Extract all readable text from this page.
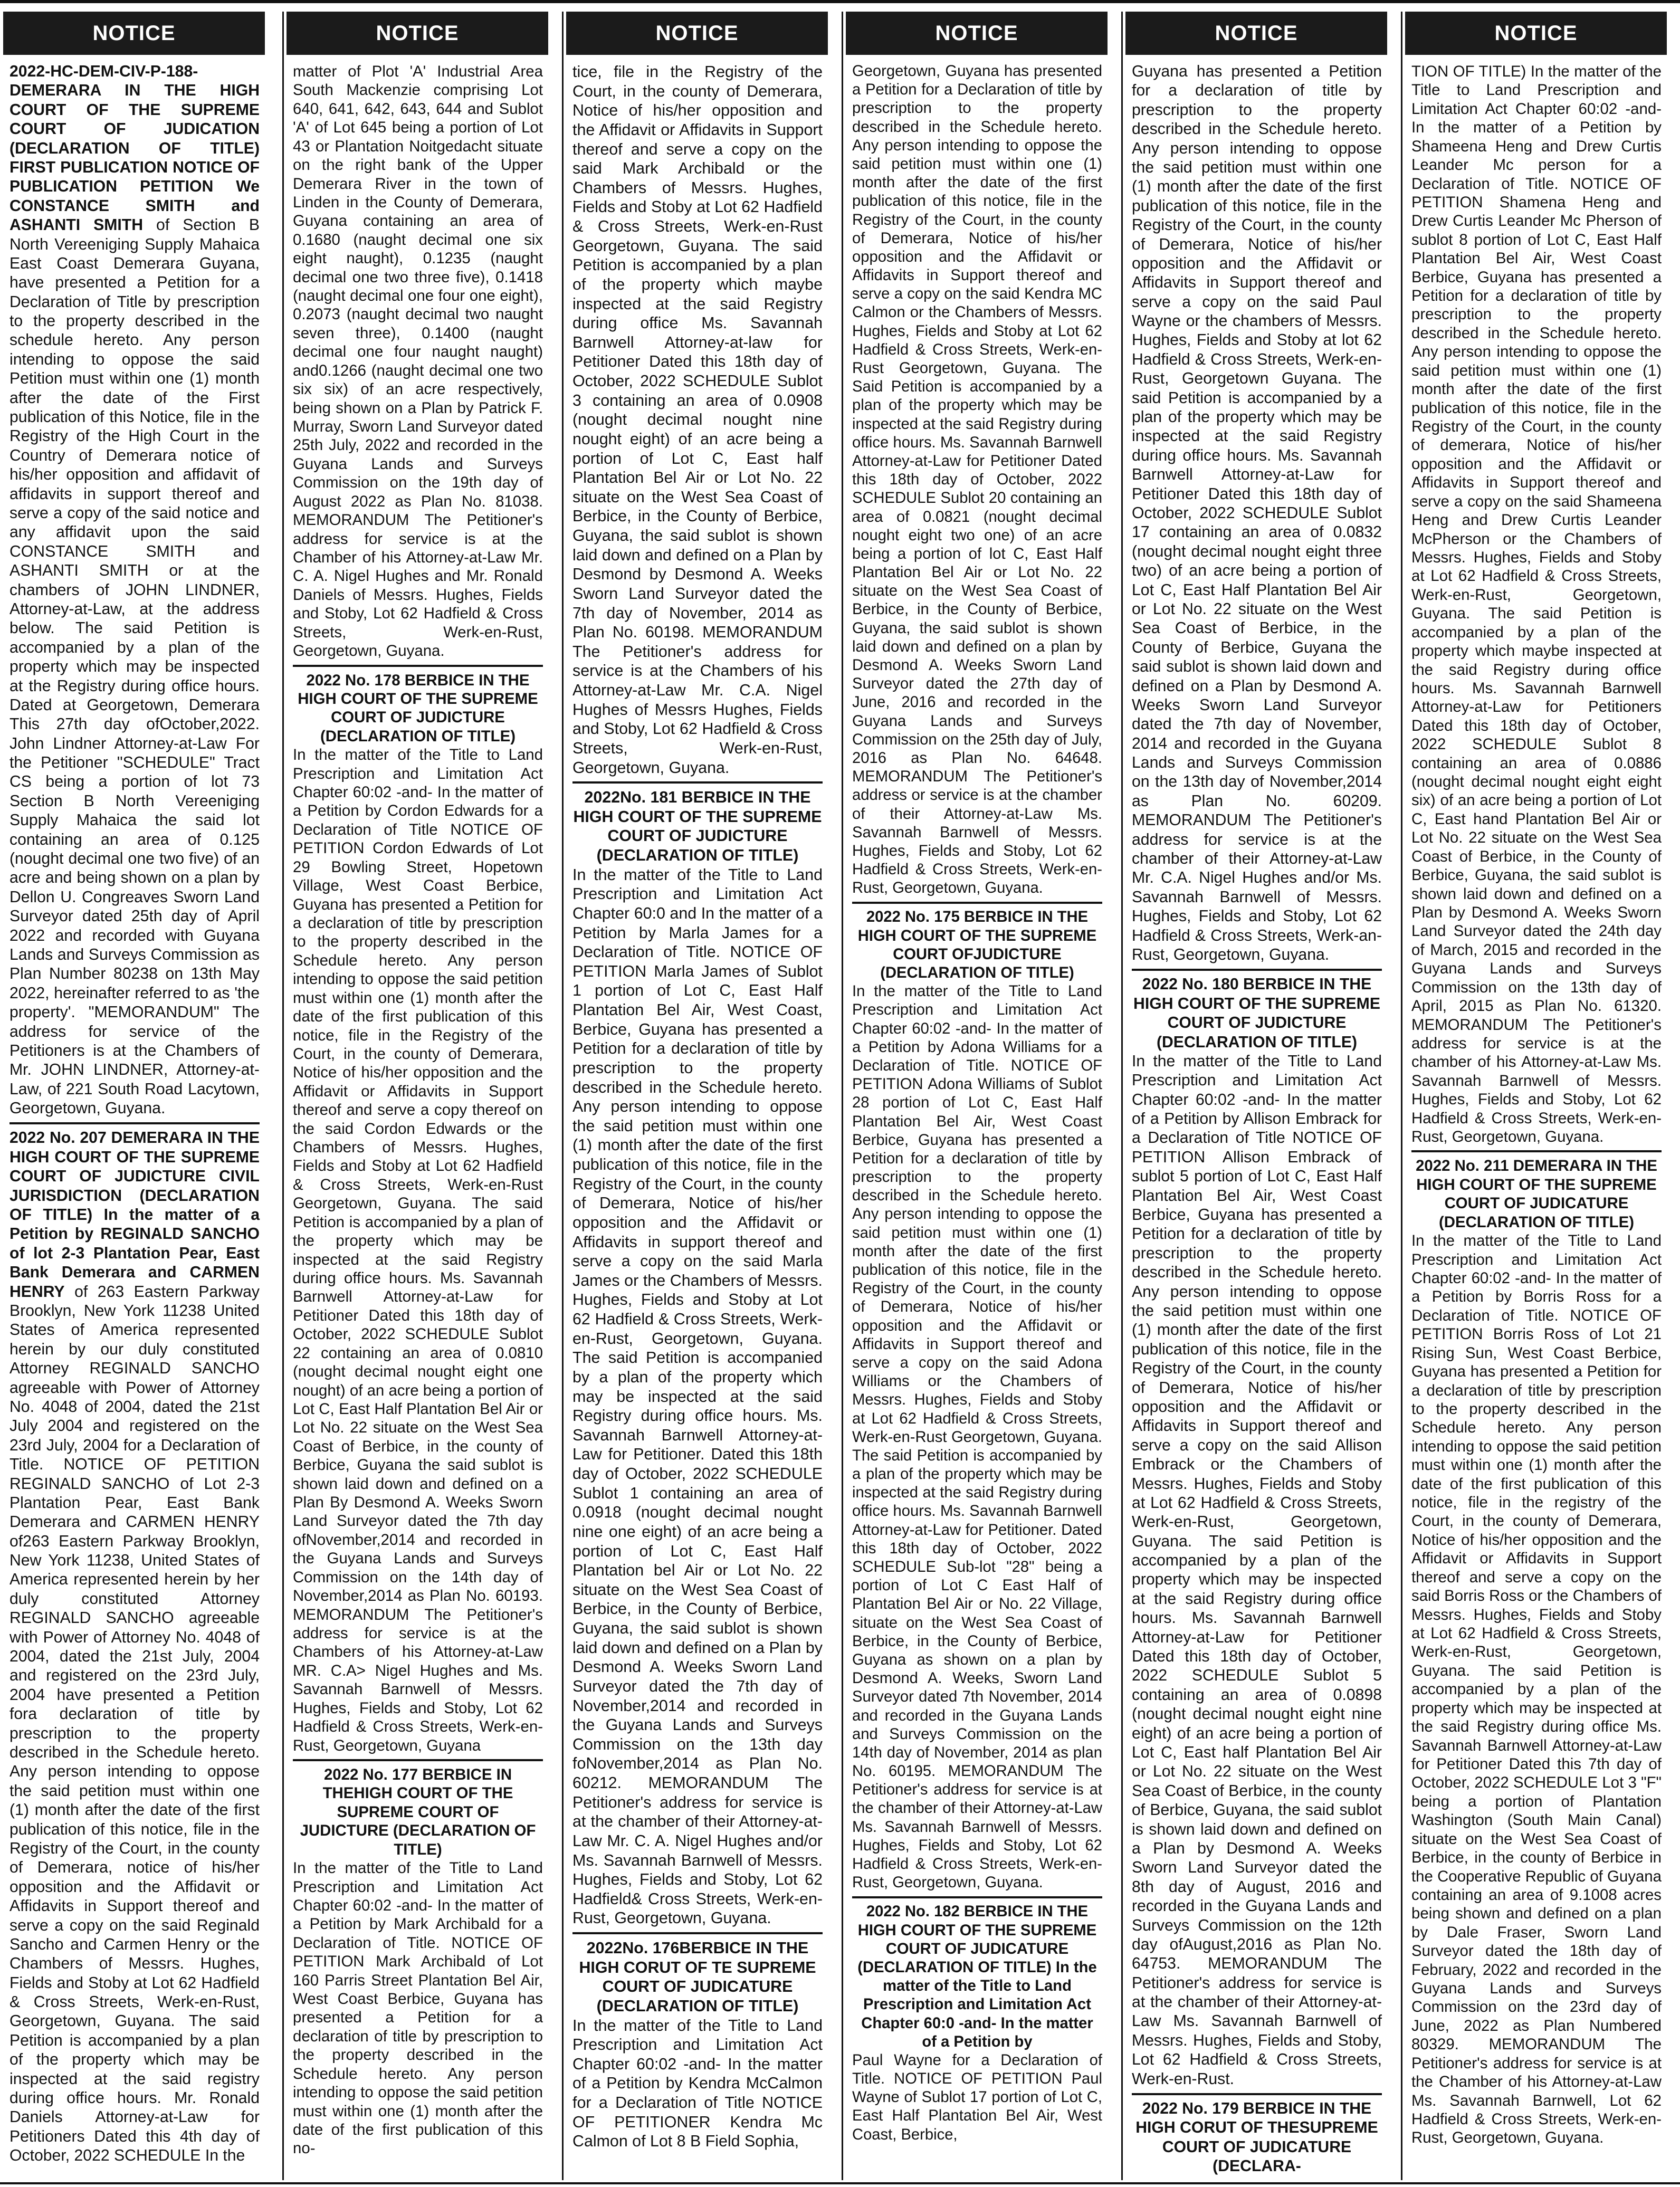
NOTICE

2022-HC-DEM-CIV-P-188-DEMERARA IN THE HIGH COURT OF THE SUPREME COURT OF JUDICATION (DECLARATION OF TITLE) FIRST PUBLICATION NOTICE OF PUBLICATION PETITION We CONSTANCE SMITH and ASHANTI SMITH of Section B North Vereeniging Supply Mahaica East Coast Demerara Guyana, have presented a Petition for a Declaration of Title by prescription to the property described in the schedule hereto. Any person intending to oppose the said Petition must within one (1) month after the date of the First publication of this Notice, file in the Registry of the High Court in the Country of Demerara notice of his/her opposition and affidavit of affidavits in support thereof and serve a copy of the said notice and any affidavit upon the said CONSTANCE SMITH and ASHANTI SMITH or at the chambers of JOHN LINDNER, Attorney-at-Law, at the address below. The said Petition is accompanied by a plan of the property which may be inspected at the Registry during office hours. Dated at Georgetown, Demerara This 27th day ofOctober,2022. John Lindner Attorney-at-Law For the Petitioner "SCHEDULE" Tract CS being a portion of lot 73 Section B North Vereeniging Supply Mahaica the said lot containing an area of 0.125 (nought decimal one two five) of an acre and being shown on a plan by Dellon U. Congreaves Sworn Land Surveyor dated 25th day of April 2022 and recorded with Guyana Lands and Surveys Commission as Plan Number 80238 on 13th May 2022, hereinafter referred to as 'the property'. "MEMORANDUM" The address for service of the Petitioners is at the Chambers of Mr. JOHN LINDNER, Attorney-at-Law, of 221 South Road Lacytown, Georgetown, Guyana.

2022 No. 207 DEMERARA IN THE HIGH COURT OF THE SUPREME COURT OF JUDICTURE CIVIL JURISDICTION (DECLARATION OF TITLE) In the matter of a Petition by REGINALD SANCHO of lot 2-3 Plantation Pear, East Bank Demerara and CARMEN HENRY of 263 Eastern Parkway Brooklyn, New York 11238 United States of America represented herein by our duly constituted Attorney REGINALD SANCHO agreeable with Power of Attorney No. 4048 of 2004, dated the 21st July 2004 and registered on the 23rd July, 2004 for a Declaration of Title. NOTICE OF PETITION REGINALD SANCHO of Lot 2-3 Plantation Pear, East Bank Demerara and CARMEN HENRY of263 Eastern Parkway Brooklyn, New York 11238, United States of America represented herein by her duly constituted Attorney REGINALD SANCHO agreeable with Power of Attorney No. 4048 of 2004, dated the 21st July, 2004 and registered on the 23rd July, 2004 have presented a Petition fora declaration of title by prescription to the property described in the Schedule hereto. Any person intending to oppose the said petition must within one (1) month after the date of the first publication of this notice, file in the Registry of the Court, in the county of Demerara, notice of his/her opposition and the Affidavit or Affidavits in Support thereof and serve a copy on the said Reginald Sancho and Carmen Henry or the Chambers of Messrs. Hughes, Fields and Stoby at Lot 62 Hadfield & Cross Streets, Werk-en-Rust, Georgetown, Guyana. The said Petition is accompanied by a plan of the property which may be inspected at the said registry during office hours. Mr. Ronald Daniels Attorney-at-Law for Petitioners Dated this 4th day of October, 2022 SCHEDULE In the

NOTICE

matter of Plot 'A' Industrial Area South Mackenzie comprising Lot 640, 641, 642, 643, 644 and Sublot 'A' of Lot 645 being a portion of Lot 43 or Plantation Noitgedacht situate on the right bank of the Upper Demerara River in the town of Linden in the County of Demerara, Guyana containing an area of 0.1680 (naught decimal one six eight naught), 0.1235 (naught decimal one two three five), 0.1418 (naught decimal one four one eight), 0.2073 (naught decimal two naught seven three), 0.1400 (naught decimal one four naught naught) and0.1266 (naught decimal one two six six) of an acre respectively, being shown on a Plan by Patrick F. Murray, Sworn Land Surveyor dated 25th July, 2022 and recorded in the Guyana Lands and Surveys Commission on the 19th day of August 2022 as Plan No. 81038. MEMORANDUM The Petitioner's address for service is at the Chamber of his Attorney-at-Law Mr. C. A. Nigel Hughes and Mr. Ronald Daniels of Messrs. Hughes, Fields and Stoby, Lot 62 Hadfield & Cross Streets, Werk-en-Rust, Georgetown, Guyana.

2022 No. 178 BERBICE IN THE HIGH COURT OF THE SUPREME COURT OF JUDICTURE (DECLARATION OF TITLE)

In the matter of the Title to Land Prescription and Limitation Act Chapter 60:02 -and- In the matter of a Petition by Cordon Edwards for a Declaration of Title NOTICE OF PETITION Cordon Edwards of Lot 29 Bowling Street, Hopetown Village, West Coast Berbice, Guyana has presented a Petition for a declaration of title by prescription to the property described in the Schedule hereto. Any person intending to oppose the said petition must within one (1) month after the date of the first publication of this notice, file in the Registry of the Court, in the county of Demerara, Notice of his/her opposition and the Affidavit or Affidavits in Support thereof and serve a copy thereof on the said Cordon Edwards or the Chambers of Messrs. Hughes, Fields and Stoby at Lot 62 Hadfield & Cross Streets, Werk-en-Rust Georgetown, Guyana. The said Petition is accompanied by a plan of the property which may be inspected at the said Registry during office hours. Ms. Savannah Barnwell Attorney-at-Law for Petitioner Dated this 18th day of October, 2022 SCHEDULE Sublot 22 containing an area of 0.0810 (nought decimal nought eight one nought) of an acre being a portion of Lot C, East Half Plantation Bel Air or Lot No. 22 situate on the West Sea Coast of Berbice, in the county of Berbice, Guyana the said sublot is shown laid down and defined on a Plan By Desmond A. Weeks Sworn Land Surveyor dated the 7th day ofNovember,2014 and recorded in the Guyana Lands and Surveys Commission on the 14th day of November,2014 as Plan No. 60193. MEMORANDUM The Petitioner's address for service is at the Chambers of his Attorney-at-Law MR. C.A> Nigel Hughes and Ms. Savannah Barnwell of Messrs. Hughes, Fields and Stoby, Lot 62 Hadfield & Cross Streets, Werk-en-Rust, Georgetown, Guyana

2022 No. 177 BERBICE IN THEHIGH COURT OF THE SUPREME COURT OF JUDICTURE (DECLARATION OF TITLE)

In the matter of the Title to Land Prescription and Limitation Act Chapter 60:02 -and- In the matter of a Petition by Mark Archibald for a Declaration of Title. NOTICE OF PETITION Mark Archibald of Lot 160 Parris Street Plantation Bel Air, West Coast Berbice, Guyana has presented a Petition for a declaration of title by prescription to the property described in the Schedule hereto. Any person intending to oppose the said petition must within one (1) month after the date of the first publication of this no-

NOTICE

tice, file in the Registry of the Court, in the county of Demerara, Notice of his/her opposition and the Affidavit or Affidavits in Support thereof and serve a copy on the said Mark Archibald or the Chambers of Messrs. Hughes, Fields and Stoby at Lot 62 Hadfield & Cross Streets, Werk-en-Rust Georgetown, Guyana. The said Petition is accompanied by a plan of the property which maybe inspected at the said Registry during office Ms. Savannah Barnwell Attorney-at-law for Petitioner Dated this 18th day of October, 2022 SCHEDULE Sublot 3 containing an area of 0.0908 (nought decimal nought nine nought eight) of an acre being a portion of Lot C, East half Plantation Bel Air or Lot No. 22 situate on the West Sea Coast of Berbice, in the County of Berbice, Guyana, the said sublot is shown laid down and defined on a Plan by Desmond by Desmond A. Weeks Sworn Land Surveyor dated the 7th day of November, 2014 as Plan No. 60198. MEMORANDUM The Petitioner's address for service is at the Chambers of his Attorney-at-Law Mr. C.A. Nigel Hughes of Messrs Hughes, Fields and Stoby, Lot 62 Hadfield & Cross Streets, Werk-en-Rust, Georgetown, Guyana.

2022No. 181 BERBICE IN THE HIGH COURT OF THE SUPREME COURT OF JUDICTURE (DECLARATION OF TITLE)

In the matter of the Title to Land Prescription and Limitation Act Chapter 60:0 and In the matter of a Petition by Marla James for a Declaration of Title. NOTICE OF PETITION Marla James of Sublot 1 portion of Lot C, East Half Plantation Bel Air, West Coast, Berbice, Guyana has presented a Petition for a declaration of title by prescription to the property described in the Schedule hereto. Any person intending to oppose the said petition must within one (1) month after the date of the first publication of this notice, file in the Registry of the Court, in the county of Demerara, Notice of his/her opposition and the Affidavit or Affidavits in support thereof and serve a copy on the said Marla James or the Chambers of Messrs. Hughes, Fields and Stoby at Lot 62 Hadfield & Cross Streets, Werk-en-Rust, Georgetown, Guyana. The said Petition is accompanied by a plan of the property which may be inspected at the said Registry during office hours. Ms. Savannah Barnwell Attorney-at-Law for Petitioner. Dated this 18th day of October, 2022 SCHEDULE Sublot 1 containing an area of 0.0918 (nought decimal nought nine one eight) of an acre being a portion of Lot C, East Half Plantation bel Air or Lot No. 22 situate on the West Sea Coast of Berbice, in the County of Berbice, Guyana, the said sublot is shown laid down and defined on a Plan by Desmond A. Weeks Sworn Land Surveyor dated the 7th day of November,2014 and recorded in the Guyana Lands and Surveys Commission on the 13th day foNovember,2014 as Plan No. 60212. MEMORANDUM The Petitioner's address for service is at the chamber of their Attorney-at-Law Mr. C. A. Nigel Hughes and/or Ms. Savannah Barnwell of Messrs. Hughes, Fields and Stoby, Lot 62 Hadfield& Cross Streets, Werk-en-Rust, Georgetown, Guyana.

2022No. 176BERBICE IN THE HIGH CORUT OF TE SUPREME COURT OF JUDICATURE (DECLARATION OF TITLE)

In the matter of the Title to Land Prescription and Limitation Act Chapter 60:02 -and- In the matter of a Petition by Kendra McCalmon for a Declaration of Title NOTICE OF PETITIONER Kendra Mc Calmon of Lot 8 B Field Sophia,

NOTICE

Georgetown, Guyana has presented a Petition for a Declaration of title by prescription to the property described in the Schedule hereto. Any person intending to oppose the said petition must within one (1) month after the date of the first publication of this notice, file in the Registry of the Court, in the county of Demerara, Notice of his/her opposition and the Affidavit or Affidavits in Support thereof and serve a copy on the said Kendra MC Calmon or the Chambers of Messrs. Hughes, Fields and Stoby at Lot 62 Hadfield & Cross Streets, Werk-en-Rust Georgetown, Guyana. The Said Petition is accompanied by a plan of the property which may be inspected at the said Registry during office hours. Ms. Savannah Barnwell Attorney-at-Law for Petitioner Dated this 18th day of October, 2022 SCHEDULE Sublot 20 containing an area of 0.0821 (nought decimal nought eight two one) of an acre being a portion of lot C, East Half Plantation Bel Air or Lot No. 22 situate on the West Sea Coast of Berbice, in the County of Berbice, Guyana, the said sublot is shown laid down and defined on a plan by Desmond A. Weeks Sworn Land Surveyor dated the 27th day of June, 2016 and recorded in the Guyana Lands and Surveys Commission on the 25th day of July, 2016 as Plan No. 64648. MEMORANDUM The Petitioner's address or service is at the chamber of their Attorney-at-Law Ms. Savannah Barnwell of Messrs. Hughes, Fields and Stoby, Lot 62 Hadfield & Cross Streets, Werk-en-Rust, Georgetown, Guyana.

2022 No. 175 BERBICE IN THE HIGH COURT OF THE SUPREME COURT OFJUDICTURE (DECLARATION OF TITLE)

In the matter of the Title to Land Prescription and Limitation Act Chapter 60:02 -and- In the matter of a Petition by Adona Williams for a Declaration of Title. NOTICE OF PETITION Adona Williams of Sublot 28 portion of Lot C, East Half Plantation Bel Air, West Coast Berbice, Guyana has presented a Petition for a declaration of title by prescription to the property described in the Schedule hereto. Any person intending to oppose the said petition must within one (1) month after the date of the first publication of this notice, file in the Registry of the Court, in the county of Demerara, Notice of his/her opposition and the Affidavit or Affidavits in Support thereof and serve a copy on the said Adona Williams or the Chambers of Messrs. Hughes, Fields and Stoby at Lot 62 Hadfield & Cross Streets, Werk-en-Rust Georgetown, Guyana. The said Petition is accompanied by a plan of the property which may be inspected at the said Registry during office hours. Ms. Savannah Barnwell Attorney-at-Law for Petitioner. Dated this 18th day of October, 2022 SCHEDULE Sub-lot "28" being a portion of Lot C East Half of Plantation Bel Air or No. 22 Village, situate on the West Sea Coast of Berbice, in the County of Berbice, Guyana as shown on a plan by Desmond A. Weeks, Sworn Land Surveyor dated 7th November, 2014 and recorded in the Guyana Lands and Surveys Commission on the 14th day of November, 2014 as plan No. 60195. MEMORANDUM The Petitioner's address for service is at the chamber of their Attorney-at-Law Ms. Savannah Barnwell of Messrs. Hughes, Fields and Stoby, Lot 62 Hadfield & Cross Streets, Werk-en-Rust, Georgetown, Guyana.

2022 No. 182 BERBICE IN THE HIGH COURT OF THE SUPREME COURT OF JUDICATURE (DECLARATION OF TITLE) In the matter of the Title to Land Prescription and Limitation Act Chapter 60:0 -and- In the matter of a Petition by

Paul Wayne for a Declaration of Title. NOTICE OF PETITION Paul Wayne of Sublot 17 portion of Lot C, East Half Plantation Bel Air, West Coast, Berbice,

NOTICE

Guyana has presented a Petition for a declaration of title by prescription to the property described in the Schedule hereto. Any person intending to oppose the said petition must within one (1) month after the date of the first publication of this notice, file in the Registry of the Court, in the county of Demerara, Notice of his/her opposition and the Affidavit or Affidavits in Support thereof and serve a copy on the said Paul Wayne or the chambers of Messrs. Hughes, Fields and Stoby at lot 62 Hadfield & Cross Streets, Werk-en-Rust, Georgetown Guyana. The said Petition is accompanied by a plan of the property which may be inspected at the said Registry during office hours. Ms. Savannah Barnwell Attorney-at-Law for Petitioner Dated this 18th day of October, 2022 SCHEDULE Sublot 17 containing an area of 0.0832 (nought decimal nought eight three two) of an acre being a portion of Lot C, East Half Plantation Bel Air or Lot No. 22 situate on the West Sea Coast of Berbice, in the County of Berbice, Guyana the said sublot is shown laid down and defined on a Plan by Desmond A. Weeks Sworn Land Surveyor dated the 7th day of November, 2014 and recorded in the Guyana Lands and Surveys Commission on the 13th day of November,2014 as Plan No. 60209. MEMORANDUM The Petitioner's address for service is at the chamber of their Attorney-at-Law Mr. C.A. Nigel Hughes and/or Ms. Savannah Barnwell of Messrs. Hughes, Fields and Stoby, Lot 62 Hadfield & Cross Streets, Werk-an-Rust, Georgetown, Guyana.

2022 No. 180 BERBICE IN THE HIGH COURT OF THE SUPREME COURT OF JUDICTURE (DECLARATION OF TITLE)

In the matter of the Title to Land Prescription and Limitation Act Chapter 60:02 -and- In the matter of a Petition by Allison Embrack for a Declaration of Title NOTICE OF PETITION Allison Embrack of sublot 5 portion of Lot C, East Half Plantation Bel Air, West Coast Berbice, Guyana has presented a Petition for a declaration of title by prescription to the property described in the Schedule hereto. Any person intending to oppose the said petition must within one (1) month after the date of the first publication of this notice, file in the Registry of the Court, in the county of Demerara, Notice of his/her opposition and the Affidavit or Affidavits in Support thereof and serve a copy on the said Allison Embrack or the Chambers of Messrs. Hughes, Fields and Stoby at Lot 62 Hadfield & Cross Streets, Werk-en-Rust, Georgetown, Guyana. The said Petition is accompanied by a plan of the property which may be inspected at the said Registry during office hours. Ms. Savannah Barnwell Attorney-at-Law for Petitioner Dated this 18th day of October, 2022 SCHEDULE Sublot 5 containing an area of 0.0898 (nought decimal nought eight nine eight) of an acre being a portion of Lot C, East half Plantation Bel Air or Lot No. 22 situate on the West Sea Coast of Berbice, in the county of Berbice, Guyana, the said sublot is shown laid down and defined on a Plan by Desmond A. Weeks Sworn Land Surveyor dated the 8th day of August, 2016 and recorded in the Guyana Lands and Surveys Commission on the 12th day ofAugust,2016 as Plan No. 64753. MEMORANDUM The Petitioner's address for service is at the chamber of their Attorney-at-Law Ms. Savannah Barnwell of Messrs. Hughes, Fields and Stoby, Lot 62 Hadfield & Cross Streets, Werk-en-Rust.

2022 No. 179 BERBICE IN THE HIGH CORUT OF THESUPREME COURT OF JUDICATURE (DECLARA-

NOTICE

TION OF TITLE) In the matter of the Title to Land Prescription and Limitation Act Chapter 60:02 -and- In the matter of a Petition by Shameena Heng and Drew Curtis Leander Mc person for a Declaration of Title. NOTICE OF PETITION Shamena Heng and Drew Curtis Leander Mc Pherson of sublot 8 portion of Lot C, East Half Plantation Bel Air, West Coast Berbice, Guyana has presented a Petition for a declaration of title by prescription to the property described in the Schedule hereto. Any person intending to oppose the said petition must within one (1) month after the date of the first publication of this notice, file in the Registry of the Court, in the county of demerara, Notice of his/her opposition and the Affidavit or Affidavits in Support thereof and serve a copy on the said Shameena Heng and Drew Curtis Leander McPherson or the Chambers of Messrs. Hughes, Fields and Stoby at Lot 62 Hadfield & Cross Streets, Werk-en-Rust, Georgetown, Guyana. The said Petition is accompanied by a plan of the property which maybe inspected at the said Registry during office hours. Ms. Savannah Barnwell Attorney-at-Law for Petitioners Dated this 18th day of October, 2022 SCHEDULE Sublot 8 containing an area of 0.0886 (nought decimal nought eight eight six) of an acre being a portion of Lot C, East hand Plantation Bel Air or Lot No. 22 situate on the West Sea Coast of Berbice, in the County of Berbice, Guyana, the said sublot is shown laid down and defined on a Plan by Desmond A. Weeks Sworn Land Surveyor dated the 24th day of March, 2015 and recorded in the Guyana Lands and Surveys Commission on the 13th day of April, 2015 as Plan No. 61320. MEMORANDUM The Petitioner's address for service is at the chamber of his Attorney-at-Law Ms. Savannah Barnwell of Messrs. Hughes, Fields and Stoby, Lot 62 Hadfield & Cross Streets, Werk-en-Rust, Georgetown, Guyana.

2022 No. 211 DEMERARA IN THE HIGH COURT OF THE SUPREME COURT OF JUDICATURE (DECLARATION OF TITLE)

In the matter of the Title to Land Prescription and Limitation Act Chapter 60:02 -and- In the matter of a Petition by Borris Ross for a Declaration of Title. NOTICE OF PETITION Borris Ross of Lot 21 Rising Sun, West Coast Berbice, Guyana has presented a Petition for a declaration of title by prescription to the property described in the Schedule hereto. Any person intending to oppose the said petition must within one (1) month after the date of the first publication of this notice, file in the registry of the Court, in the county of Demerara, Notice of his/her opposition and the Affidavit or Affidavits in Support thereof and serve a copy on the said Borris Ross or the Chambers of Messrs. Hughes, Fields and Stoby at Lot 62 Hadfield & Cross Streets, Werk-en-Rust, Georgetown, Guyana. The said Petition is accompanied by a plan of the property which may be inspected at the said Registry during office Ms. Savannah Barnwell Attorney-at-Law for Petitioner Dated this 7th day of October, 2022 SCHEDULE Lot 3 "F" being a portion of Plantation Washington (South Main Canal) situate on the West Sea Coast of Berbice, in the county of Berbice in the Cooperative Republic of Guyana containing an area of 9.1008 acres being shown and defined on a plan by Dale Fraser, Sworn Land Surveyor dated the 18th day of February, 2022 and recorded in the Guyana Lands and Surveys Commission on the 23rd day of June, 2022 as Plan Numbered 80329. MEMORANDUM The Petitioner's address for service is at the Chamber of his Attorney-at-Law Ms. Savannah Barnwell, Lot 62 Hadfield & Cross Streets, Werk-en-Rust, Georgetown, Guyana.
